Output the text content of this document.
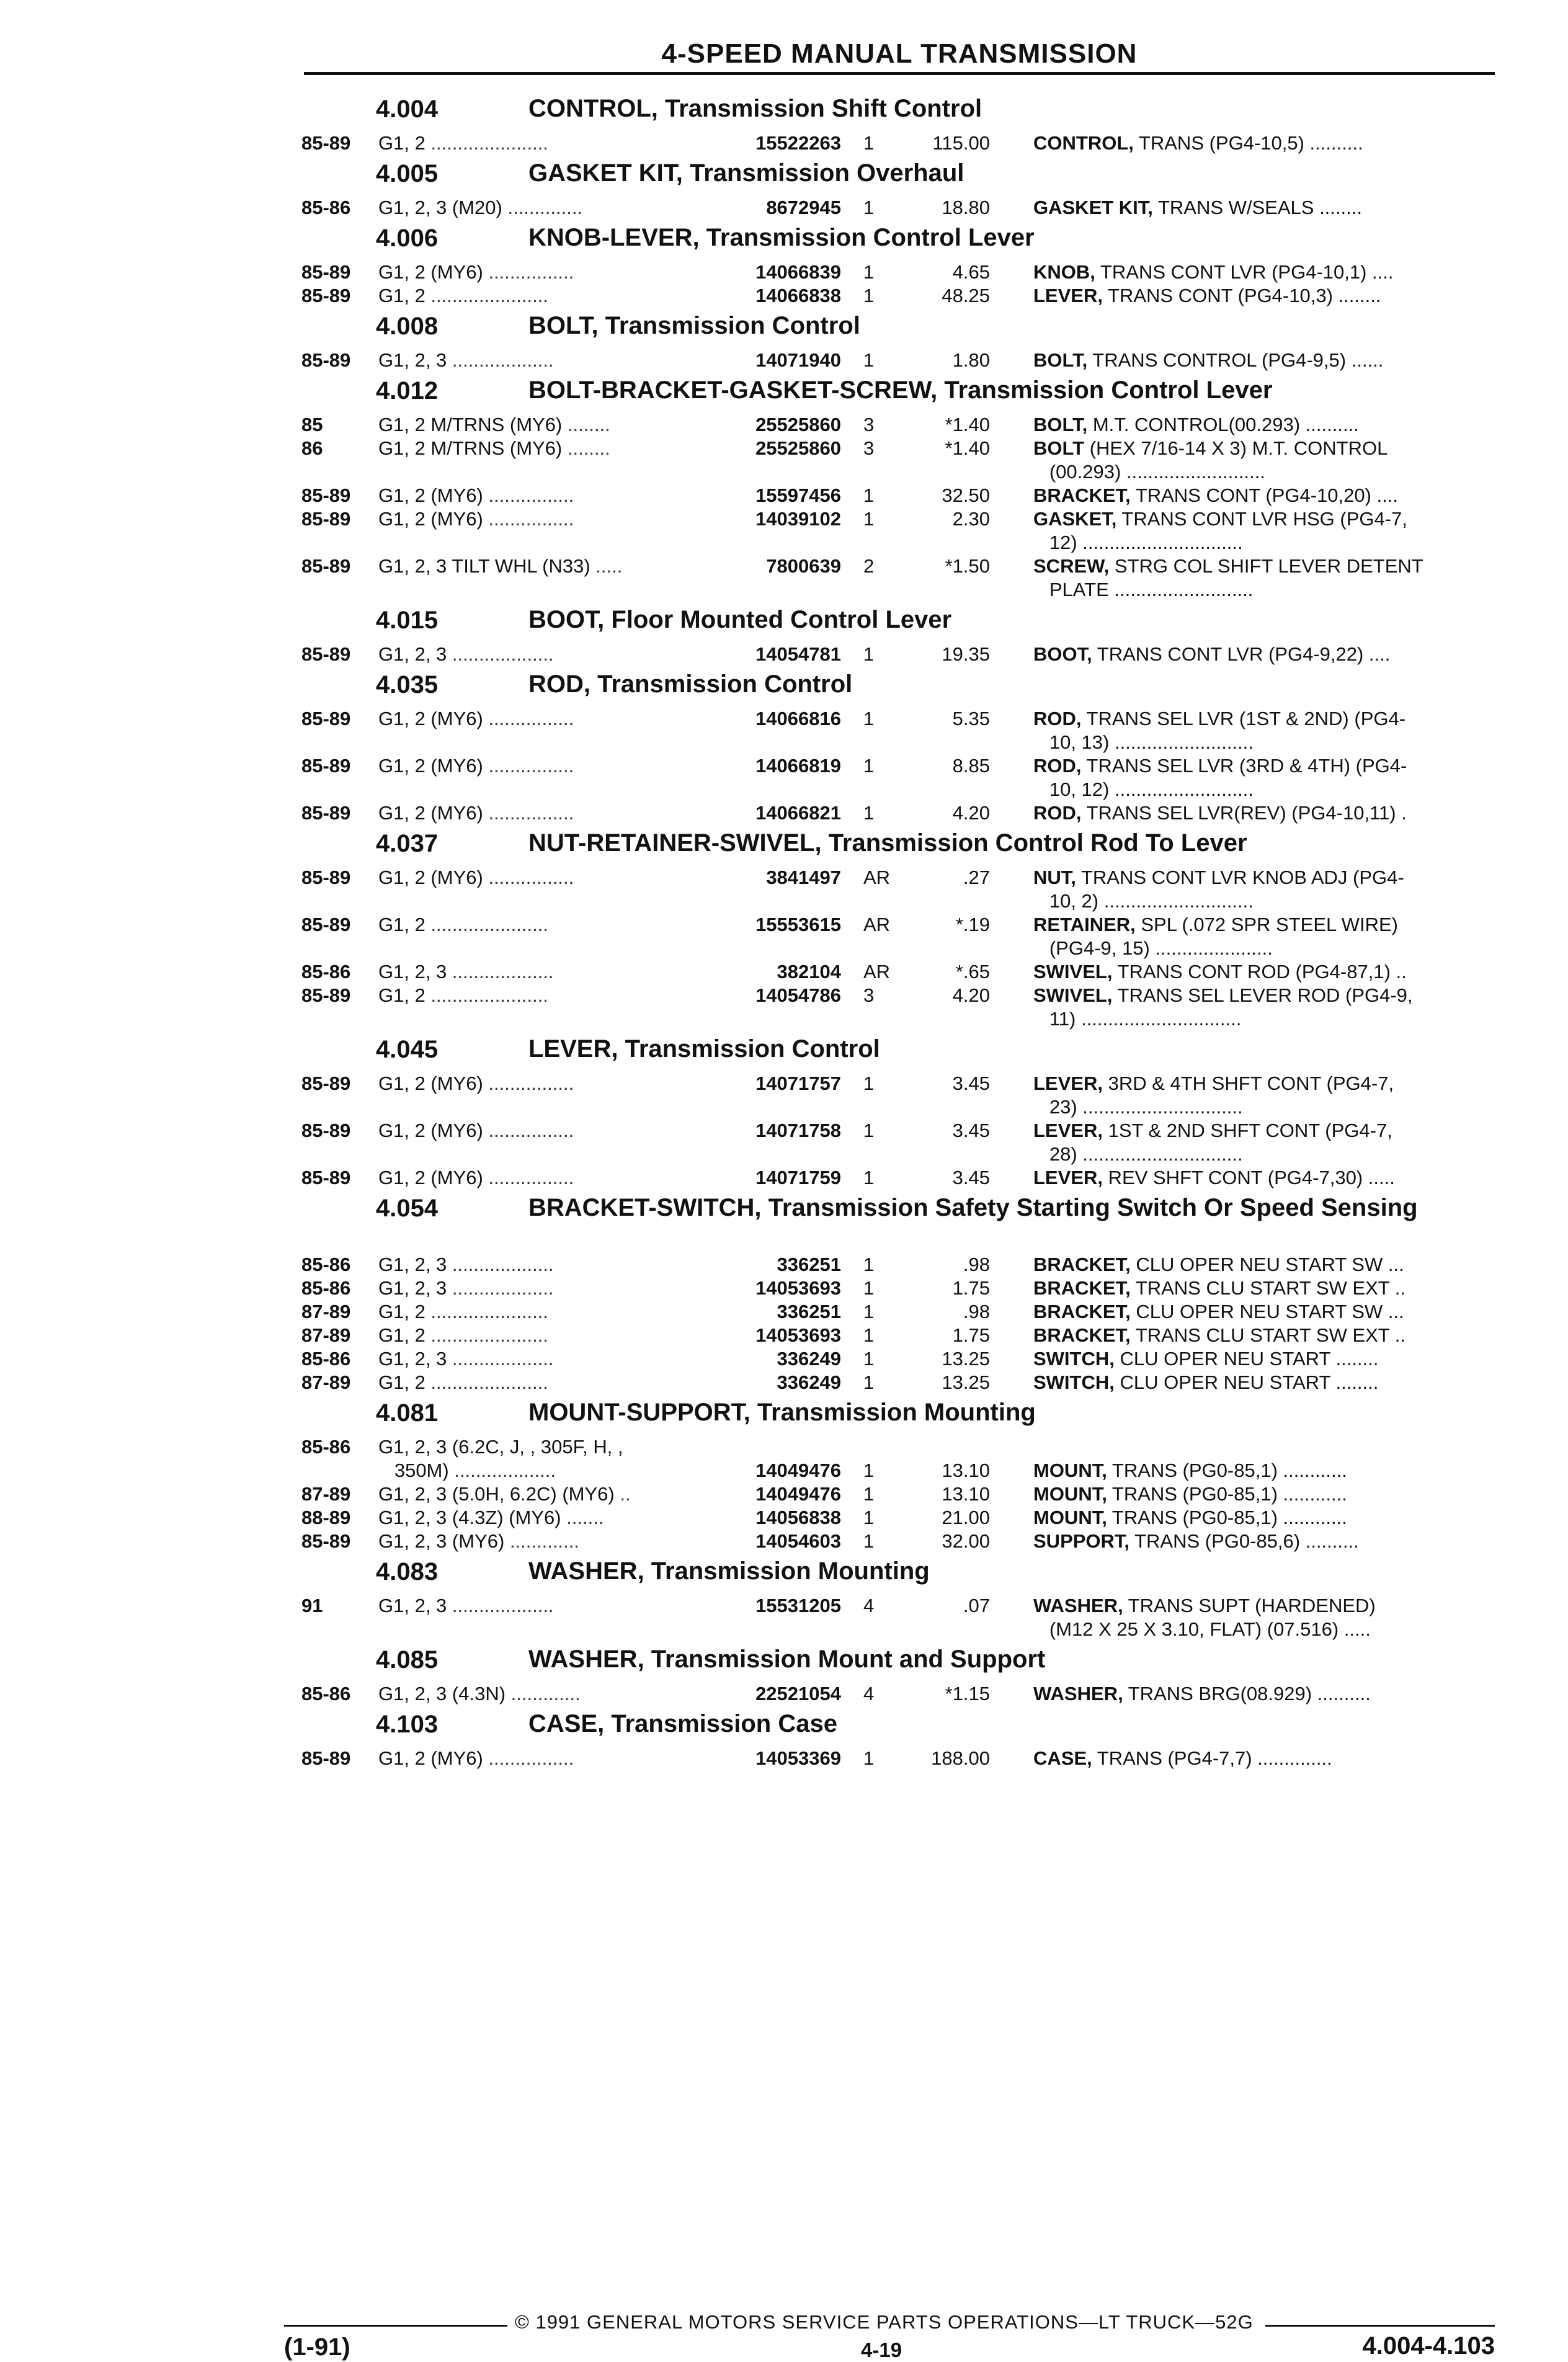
4-SPEED MANUAL TRANSMISSION
4.004	CONTROL, Transmission Shift Control
85-89 G1, 2 ......................	15522263 1	115.00 CONTROL, TRANS (PG4-10,5) ..........
4.005	GASKET KIT, Transmission Overhaul
85-86 G1, 2, 3 (M20) ..............	8672945 1	18.80 GASKET KIT, TRANS W/SEALS ........
4.006	KNOB-LEVER, Transmission Control Lever
85-89 G1, 2 (MY6) ................	14066839 1	4.65 KNOB, TRANS CONT LVR (PG4-10,1) ....
85-89 G1, 2 ......................	14066838 1	48.25 LEVER, TRANS CONT (PG4-10,3) ........
4.008	BOLT, Transmission Control
85-89 G1, 2, 3 ...................	14071940 1	1.80 BOLT, TRANS CONTROL (PG4-9,5) ......
4.012	BOLT-BRACKET-GASKET-SCREW, Transmission Control Lever
85	G1, 2 M/TRNS (MY6) ........	25525860 3	*1.40 BOLT, M.T. CONTROL(00.293) ..........
86	G1, 2 M/TRNS (MY6) ........	25525860 3	*1.40 BOLT (HEX 7/16-14 X 3) M.T. CONTROL
(00.293) ..........................
85-89 G1, 2 (MY6) ................	15597456 1	32.50 BRACKET, TRANS CONT (PG4-10,20) ....
85-89 G1, 2 (MY6) ................	14039102 1	2.30 GASKET, TRANS CONT LVR HSG (PG4-7,
12) ..............................
85-89 G1, 2, 3 TILT WHL (N33) .....	7800639 2	*1.50 SCREW, STRG COL SHIFT LEVER DETENT
PLATE ..........................
4.015	BOOT, Floor Mounted Control Lever
85-89 G1, 2, 3 ...................	14054781 1	19.35 BOOT, TRANS CONT LVR (PG4-9,22) ....
4.035	ROD, Transmission Control
85-89 G1, 2 (MY6) ................	14066816 1	5.35 ROD, TRANS SEL LVR (1ST & 2ND) (PG4-
10, 13) ..........................
85-89 G1, 2 (MY6) ................	14066819 1	8.85 ROD, TRANS SEL LVR (3RD & 4TH) (PG4-
10, 12) ..........................
85-89 G1, 2 (MY6) ................	14066821 1	4.20 ROD, TRANS SEL LVR(REV) (PG4-10,11) .
4.037	NUT-RETAINER-SWIVEL, Transmission Control Rod To Lever
85-89 G1, 2 (MY6) ................	3841497 AR	.27 NUT, TRANS CONT LVR KNOB ADJ (PG4-
10, 2) ............................
85-89 G1, 2 ......................	15553615 AR	*.19 RETAINER, SPL (.072 SPR STEEL WIRE)
(PG4-9, 15) ......................
85-86 G1, 2, 3 ...................	382104 AR	*.65 SWIVEL, TRANS CONT ROD (PG4-87,1) ..
85-89 G1, 2 ......................	14054786 3	4.20 SWIVEL, TRANS SEL LEVER ROD (PG4-9,
11) ..............................
4.045	LEVER, Transmission Control
85-89 G1, 2 (MY6) ................	14071757 1	3.45 LEVER, 3RD & 4TH SHFT CONT (PG4-7,
23) ..............................
85-89 G1, 2 (MY6) ................	14071758 1	3.45 LEVER, 1ST & 2ND SHFT CONT (PG4-7,
28) ..............................
85-89 G1, 2 (MY6) ................	14071759 1	3.45 LEVER, REV SHFT CONT (PG4-7,30) .....
4.054	BRACKET-SWITCH, Transmission Safety Starting Switch Or Speed Sensing
85-86 G1, 2, 3 ...................	336251 1	.98 BRACKET, CLU OPER NEU START SW ...
85-86 G1, 2, 3 ...................	14053693 1	1.75 BRACKET, TRANS CLU START SW EXT ..
87-89 G1, 2 ......................	336251 1	.98 BRACKET, CLU OPER NEU START SW ...
87-89 G1, 2 ......................	14053693 1	1.75 BRACKET, TRANS CLU START SW EXT ..
85-86 G1, 2, 3 ...................	336249 1	13.25 SWITCH, CLU OPER NEU START ........
87-89 G1, 2 ......................	336249 1	13.25 SWITCH, CLU OPER NEU START ........
4.081	MOUNT-SUPPORT, Transmission Mounting
85-86 G1, 2, 3 (6.2C, J, , 305F, H, ,
350M) ...................	14049476 1	13.10 MOUNT, TRANS (PG0-85,1) ............
87-89 G1, 2, 3 (5.0H, 6.2C) (MY6) ..	14049476 1	13.10 MOUNT, TRANS (PG0-85,1) ............
88-89 G1, 2, 3 (4.3Z) (MY6) .......	14056838 1	21.00 MOUNT, TRANS (PG0-85,1) ............
85-89 G1, 2, 3 (MY6) .............	14054603 1	32.00 SUPPORT, TRANS (PG0-85,6) ..........
4.083	WASHER, Transmission Mounting
91	G1, 2, 3 ...................	15531205 4	.07 WASHER, TRANS SUPT (HARDENED)
(M12 X 25 X 3.10, FLAT) (07.516) .....
4.085	WASHER, Transmission Mount and Support
85-86 G1, 2, 3 (4.3N) .............	22521054 4	*1.15 WASHER, TRANS BRG(08.929) ..........
4.103	CASE, Transmission Case
85-89 G1, 2 (MY6) ................	14053369 1	188.00 CASE, TRANS (PG4-7,7) ..............
© 1991 GENERAL MOTORS SERVICE PARTS OPERATIONS—LT TRUCK—52G
(1-91)	4-19	4.004-4.103
